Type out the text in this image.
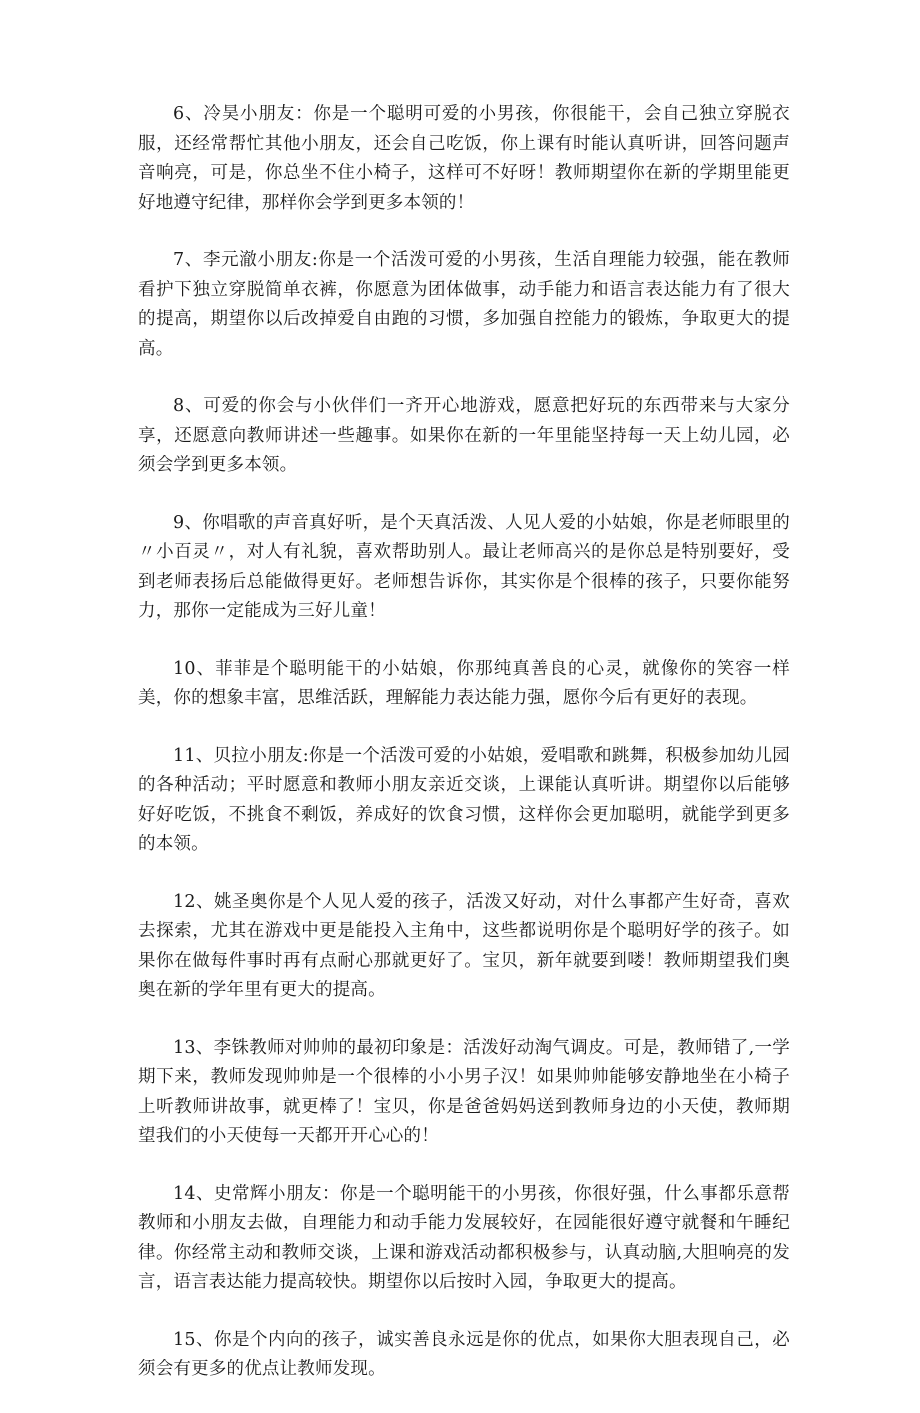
6、冷昊小朋友：你是一个聪明可爱的小男孩，你很能干，会自己独立穿脱衣服，还经常帮忙其他小朋友，还会自己吃饭，你上课有时能认真听讲，回答问题声音响亮，可是，你总坐不住小椅子，这样可不好呀！教师期望你在新的学期里能更好地遵守纪律，那样你会学到更多本领的！

7、李元澈小朋友:你是一个活泼可爱的小男孩，生活自理能力较强，能在教师看护下独立穿脱简单衣裤，你愿意为团体做事，动手能力和语言表达能力有了很大的提高，期望你以后改掉爱自由跑的习惯，多加强自控能力的锻炼，争取更大的提高。

8、可爱的你会与小伙伴们一齐开心地游戏，愿意把好玩的东西带来与大家分享，还愿意向教师讲述一些趣事。如果你在新的一年里能坚持每一天上幼儿园，必须会学到更多本领。

9、你唱歌的声音真好听，是个天真活泼、人见人爱的小姑娘，你是老师眼里的〃小百灵〃，对人有礼貌，喜欢帮助别人。最让老师高兴的是你总是特别要好，受到老师表扬后总能做得更好。老师想告诉你，其实你是个很棒的孩子，只要你能努力，那你一定能成为三好儿童！

10、菲菲是个聪明能干的小姑娘，你那纯真善良的心灵，就像你的笑容一样美，你的想象丰富，思维活跃，理解能力表达能力强，愿你今后有更好的表现。

11、贝拉小朋友:你是一个活泼可爱的小姑娘，爱唱歌和跳舞，积极参加幼儿园的各种活动；平时愿意和教师小朋友亲近交谈，上课能认真听讲。期望你以后能够好好吃饭，不挑食不剩饭，养成好的饮食习惯，这样你会更加聪明，就能学到更多的本领。

12、姚圣奥你是个人见人爱的孩子，活泼又好动，对什么事都产生好奇，喜欢去探索，尤其在游戏中更是能投入主角中，这些都说明你是个聪明好学的孩子。如果你在做每件事时再有点耐心那就更好了。宝贝，新年就要到喽！教师期望我们奥奥在新的学年里有更大的提高。

13、李铢教师对帅帅的最初印象是：活泼好动淘气调皮。可是，教师错了,一学期下来，教师发现帅帅是一个很棒的小小男子汉！如果帅帅能够安静地坐在小椅子上听教师讲故事，就更棒了！宝贝，你是爸爸妈妈送到教师身边的小天使，教师期望我们的小天使每一天都开开心心的！

14、史常辉小朋友：你是一个聪明能干的小男孩，你很好强，什么事都乐意帮教师和小朋友去做，自理能力和动手能力发展较好，在园能很好遵守就餐和午睡纪律。你经常主动和教师交谈，上课和游戏活动都积极参与，认真动脑,大胆响亮的发言，语言表达能力提高较快。期望你以后按时入园，争取更大的提高。

15、你是个内向的孩子，诚实善良永远是你的优点，如果你大胆表现自己，必须会有更多的优点让教师发现。
